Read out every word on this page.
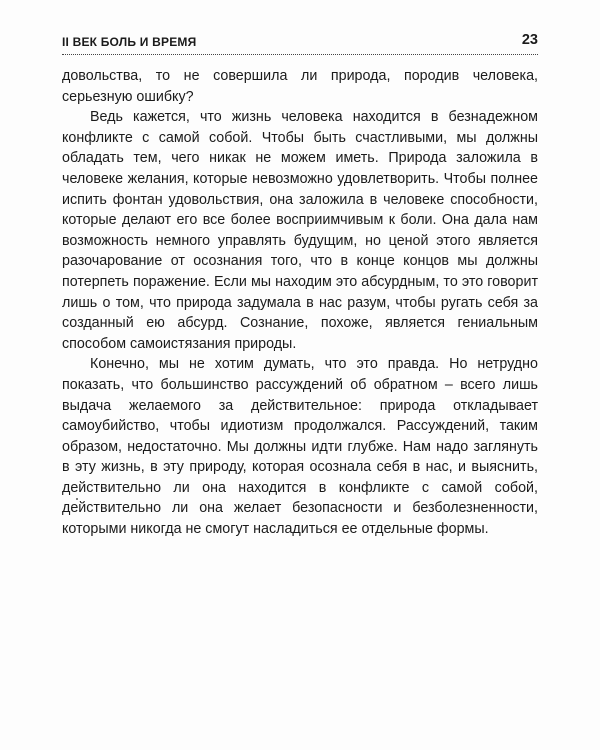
II ВЕК БОЛЬ И ВРЕМЯ	23

довольства, то не совершила ли природа, породив человека, серьезную ошибку?

Ведь кажется, что жизнь человека находится в безнадежном конфликте с самой собой. Чтобы быть счастливыми, мы должны обладать тем, чего никак не можем иметь. Природа заложила в человеке желания, которые невозможно удовлетворить. Чтобы полнее испить фонтан удовольствия, она заложила в человеке способности, которые делают его все более восприимчивым к боли. Она дала нам возможность немного управлять будущим, но ценой этого является разочарование от осознания того, что в конце концов мы должны потерпеть поражение. Если мы находим это абсурдным, то это говорит лишь о том, что природа задумала в нас разум, чтобы ругать себя за созданный ею абсурд. Сознание, похоже, является гениальным способом самоистязания природы.

Конечно, мы не хотим думать, что это правда. Но нетрудно показать, что большинство рассуждений об обратном – всего лишь выдача желаемого за действительное: природа откладывает самоубийство, чтобы идиотизм продолжался. Рассуждений, таким образом, недостаточно. Мы должны идти глубже. Нам надо заглянуть в эту жизнь, в эту природу, которая осознала себя в нас, и выяснить, действительно ли она находится в конфликте с самой собой, действительно ли она желает безопасности и безболезненности, которыми никогда не смогут насладиться ее отдельные формы.
